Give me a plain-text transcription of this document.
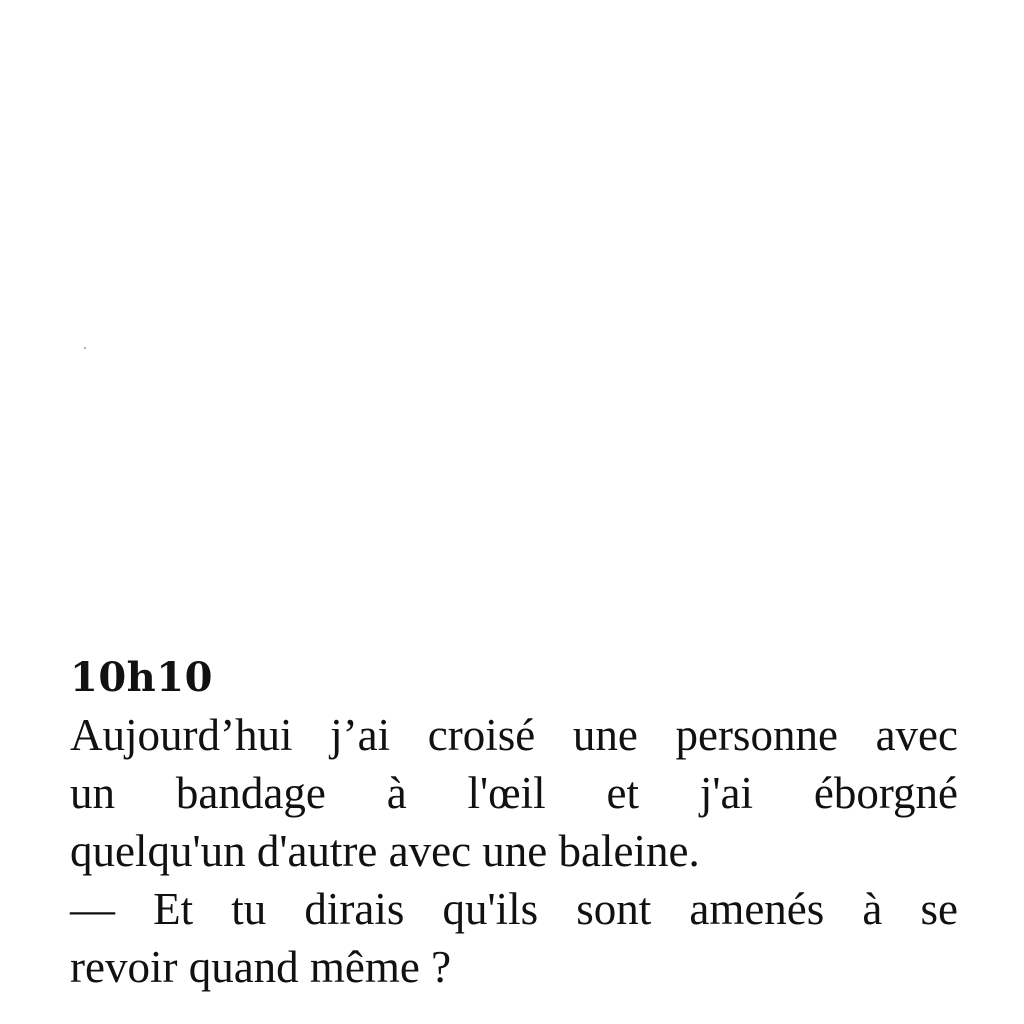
10h10
Aujourd’hui j’ai croisé une personne avec
un bandage à l'œil et j'ai éborgné
quelqu'un d'autre avec une baleine.
— Et tu dirais qu'ils sont amenés à se
revoir quand même ?
